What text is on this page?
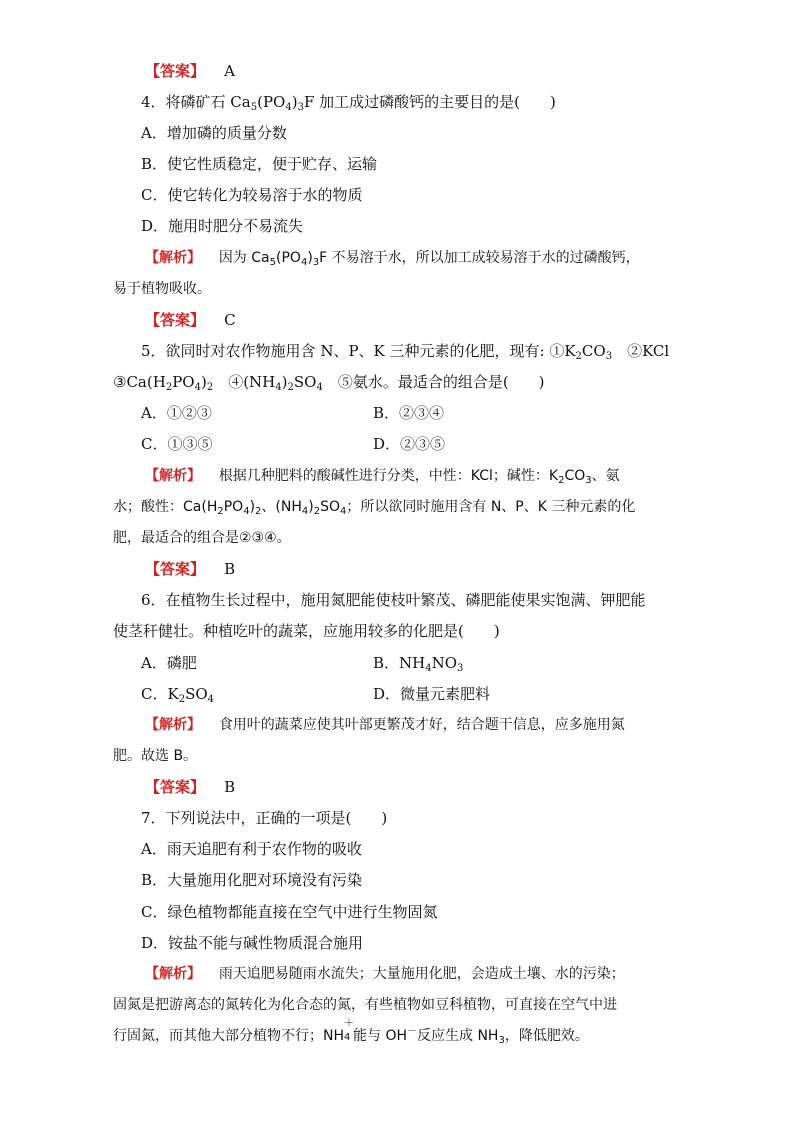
【答案】 A
4．将磷矿石 $Ca_5(PO_4)_3F$ 加工成过磷酸钙的主要目的是(　　)
A．增加磷的质量分数
B．使它性质稳定，便于贮存、运输
C．使它转化为较易溶于水的物质
D．施用时肥分不易流失
【解析】 因为 $Ca_5(PO_4)_3F$ 不易溶于水，所以加工成较易溶于水的过磷酸钙，
易于植物吸收。
【答案】 C
5．欲同时对农作物施用含 N、P、K 三种元素的化肥，现有: $①K_2CO_3$　②KCl
$③Ca(H_2PO_4)_2$　$④(NH_4)_2SO_4$　⑤氨水。最适合的组合是(　　)
A．①②③	B．②③④
C．①③⑤	D．②③⑤
【解析】 根据几种肥料的酸碱性进行分类，中性：KCl；碱性：$K_2CO_3$、氨
水；酸性：$Ca(H_2PO_4)_2$、$(NH_4)_2SO_4$；所以欲同时施用含有 N、P、K 三种元素的化
肥，最适合的组合是②③④。
【答案】 B
6．在植物生长过程中，施用氮肥能使枝叶繁茂、磷肥能使果实饱满、钾肥能
使茎秆健壮。种植吃叶的蔬菜，应施用较多的化肥是(　　)
A．磷肥	B．$NH_4NO_3$
C．$K_2SO_4$	D．微量元素肥料
【解析】 食用叶的蔬菜应使其叶部更繁茂才好，结合题干信息，应多施用氮
肥。故选 B。
【答案】 B
7．下列说法中，正确的一项是(　　)
A．雨天追肥有利于农作物的吸收
B．大量施用化肥对环境没有污染
C．绿色植物都能直接在空气中进行生物固氮
D．铵盐不能与碱性物质混合施用
【解析】 雨天追肥易随雨水流失；大量施用化肥，会造成土壤、水的污染；
固氮是把游离态的氮转化为化合态的氮，有些植物如豆科植物，可直接在空气中进
行固氮，而其他大部分植物不行；NH
＋
4 能与 OH－反应生成 $NH_3$，降低肥效。
